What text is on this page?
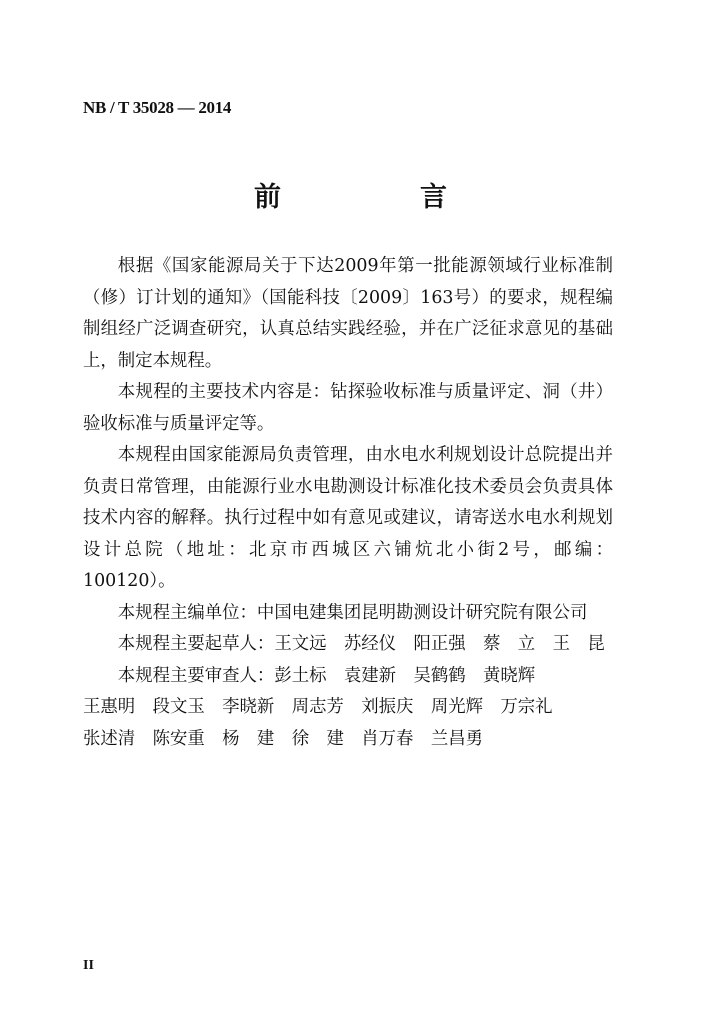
NB / T 35028 — 2014
前　言

根据《国家能源局关于下达2009年第一批能源领域行业标准制（修）订计划的通知》（国能科技〔2009〕163号）的要求，规程编制组经广泛调查研究，认真总结实践经验，并在广泛征求意见的基础上，制定本规程。

本规程的主要技术内容是：钻探验收标准与质量评定、洞（井）验收标准与质量评定等。

本规程由国家能源局负责管理，由水电水利规划设计总院提出并负责日常管理，由能源行业水电勘测设计标准化技术委员会负责具体技术内容的解释。执行过程中如有意见或建议，请寄送水电水利规划设计总院（地址：北京市西城区六铺炕北小街2号，邮编：100120）。

本规程主编单位：中国电建集团昆明勘测设计研究院有限公司

本规程主要起草人：王文远　苏经仪　阳正强　蔡　立　王　昆

本规程主要审查人：彭土标　袁建新　吴鹤鹤　黄晓辉

王惠明　段文玉　李晓新　周志芳　刘振庆　周光辉　万宗礼

张述清　陈安重　杨　建　徐　建　肖万春　兰昌勇

II
